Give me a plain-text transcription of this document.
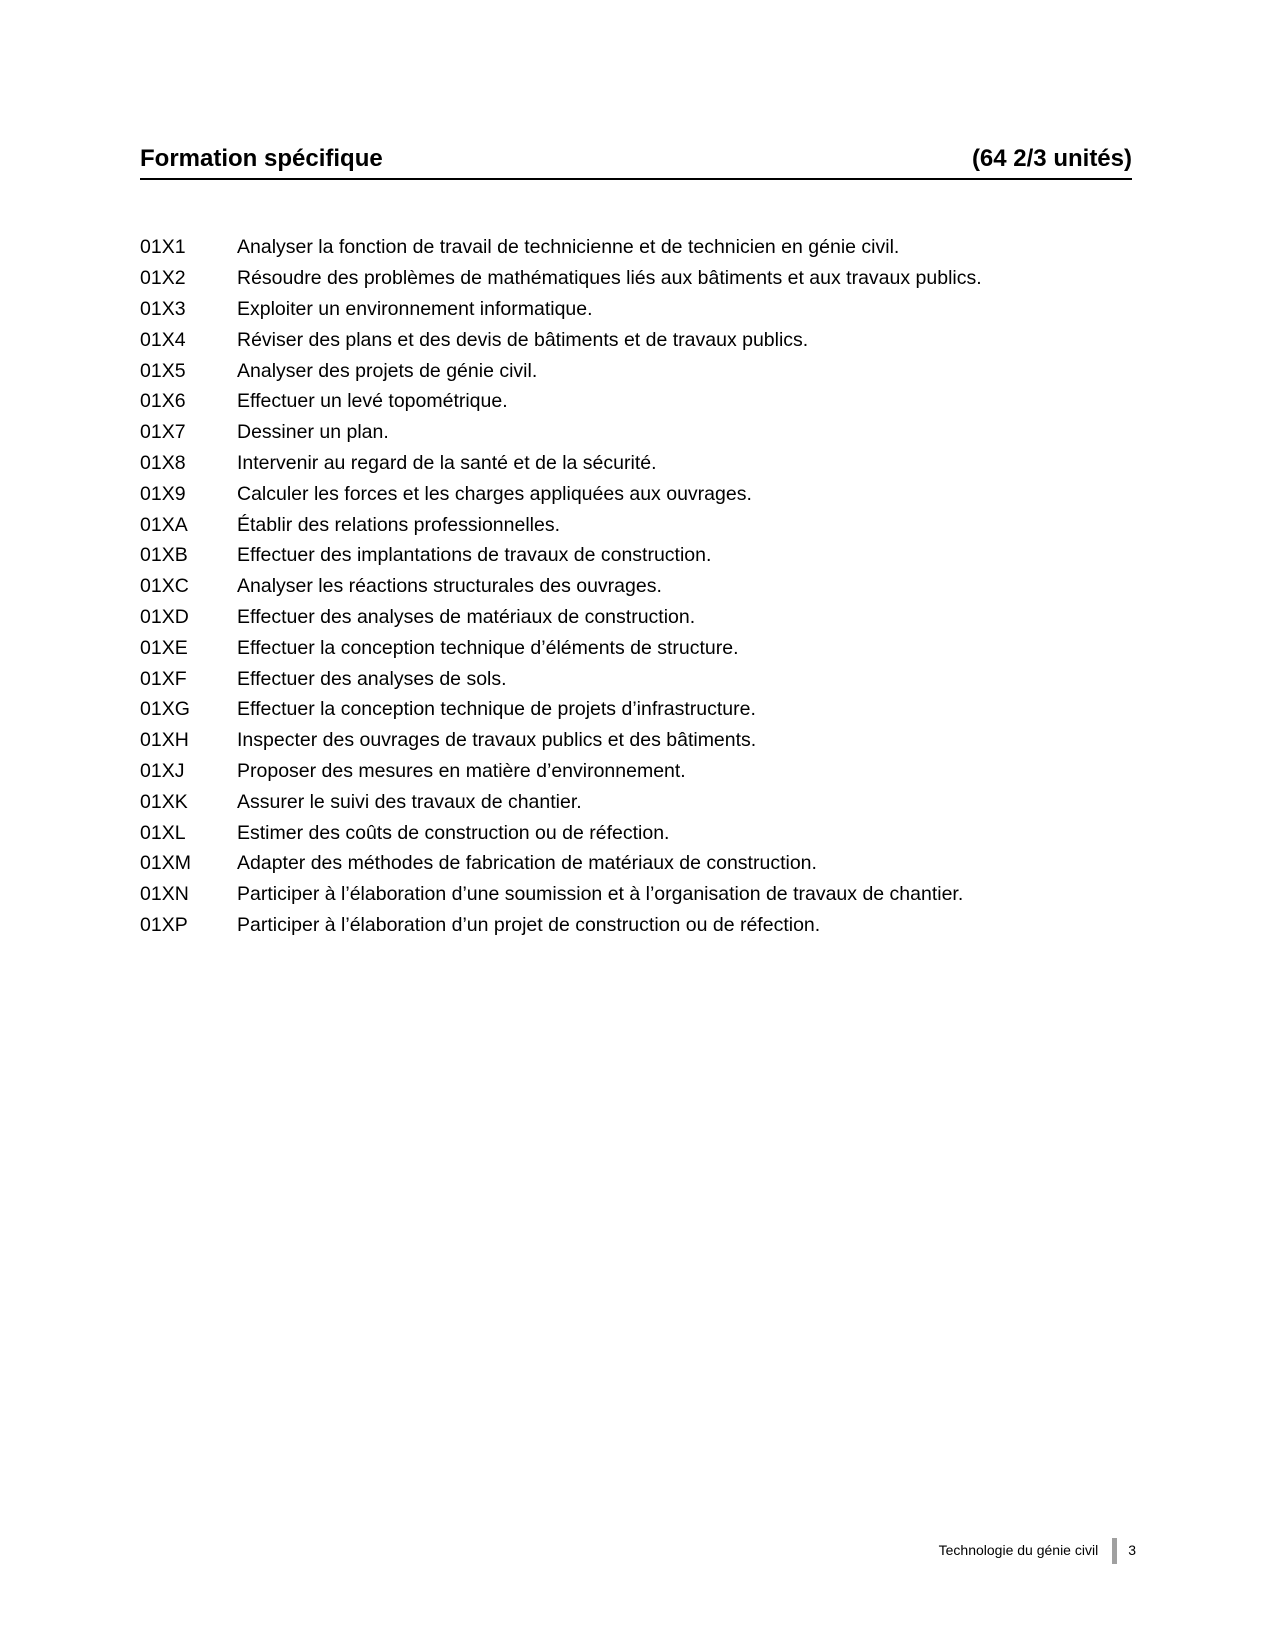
Formation spécifique	(64 2/3 unités)
01X1	Analyser la fonction de travail de technicienne et de technicien en génie civil.
01X2	Résoudre des problèmes de mathématiques liés aux bâtiments et aux travaux publics.
01X3	Exploiter un environnement informatique.
01X4	Réviser des plans et des devis de bâtiments et de travaux publics.
01X5	Analyser des projets de génie civil.
01X6	Effectuer un levé topométrique.
01X7	Dessiner un plan.
01X8	Intervenir au regard de la santé et de la sécurité.
01X9	Calculer les forces et les charges appliquées aux ouvrages.
01XA	Établir des relations professionnelles.
01XB	Effectuer des implantations de travaux de construction.
01XC	Analyser les réactions structurales des ouvrages.
01XD	Effectuer des analyses de matériaux de construction.
01XE	Effectuer la conception technique d’éléments de structure.
01XF	Effectuer des analyses de sols.
01XG	Effectuer la conception technique de projets d’infrastructure.
01XH	Inspecter des ouvrages de travaux publics et des bâtiments.
01XJ	Proposer des mesures en matière d’environnement.
01XK	Assurer le suivi des travaux de chantier.
01XL	Estimer des coûts de construction ou de réfection.
01XM	Adapter des méthodes de fabrication de matériaux de construction.
01XN	Participer à l’élaboration d’une soumission et à l’organisation de travaux de chantier.
01XP	Participer à l’élaboration d’un projet de construction ou de réfection.
Technologie du génie civil 3
